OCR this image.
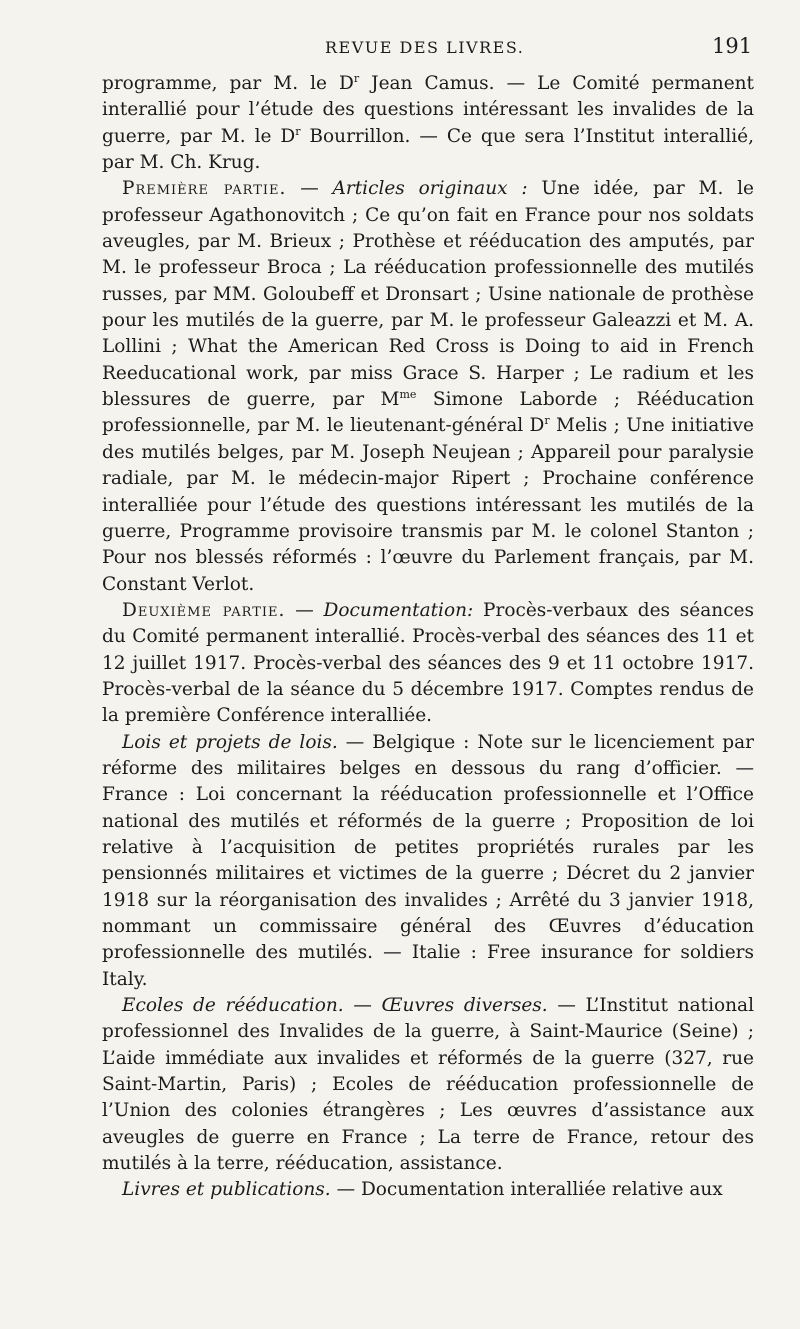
REVUE DES LIVRES.	191

programme, par M. le $D^r$ Jean Camus. — Le Comité permanent interallié pour l’étude des questions intéressant les invalides de la guerre, par M. le $D^r$ Bourrillon. — Ce que sera l’Institut interallié, par M. Ch. Krug.

Première partie. — Articles originaux : Une idée, par M. le professeur Agathonovitch ; Ce qu’on fait en France pour nos soldats aveugles, par M. Brieux ; Prothèse et rééducation des amputés, par M. le professeur Broca ; La rééducation professionnelle des mutilés russes, par MM. Goloubeff et Dronsart ; Usine nationale de prothèse pour les mutilés de la guerre, par M. le professeur Galeazzi et M. A. Lollini ; What the American Red Cross is Doing to aid in French Reeducational work, par miss Grace S. Harper ; Le radium et les blessures de guerre, par $M^{me}$ Simone Laborde ; Rééducation professionnelle, par M. le lieutenant-général $D^r$ Melis ; Une initiative des mutilés belges, par M. Joseph Neujean ; Appareil pour paralysie radiale, par M. le médecin-major Ripert ; Prochaine conférence interalliée pour l’étude des questions intéressant les mutilés de la guerre, Programme provisoire transmis par M. le colonel Stanton ; Pour nos blessés réformés : l’œuvre du Parlement français, par M. Constant Verlot.

Deuxième partie. — Documentation: Procès-verbaux des séances du Comité permanent interallié. Procès-verbal des séances des 11 et 12 juillet 1917. Procès-verbal des séances des 9 et 11 octobre 1917. Procès-verbal de la séance du 5 décembre 1917. Comptes rendus de la première Conférence interalliée.

Lois et projets de lois. — Belgique : Note sur le licenciement par réforme des militaires belges en dessous du rang d’officier. — France : Loi concernant la rééducation professionnelle et l’Office national des mutilés et réformés de la guerre ; Proposition de loi relative à l’acquisition de petites propriétés rurales par les pensionnés militaires et victimes de la guerre ; Décret du 2 janvier 1918 sur la réorganisation des invalides ; Arrêté du 3 janvier 1918, nommant un commissaire général des Œuvres d’éducation professionnelle des mutilés. — Italie : Free insurance for soldiers Italy.

Ecoles de rééducation. — Œuvres diverses. — L’Institut national professionnel des Invalides de la guerre, à Saint-Maurice (Seine) ; L’aide immédiate aux invalides et réformés de la guerre (327, rue Saint-Martin, Paris) ; Ecoles de rééducation professionnelle de l’Union des colonies étrangères ; Les œuvres d’assistance aux aveugles de guerre en France ; La terre de France, retour des mutilés à la terre, rééducation, assistance.

Livres et publications. — Documentation interalliée relative aux
